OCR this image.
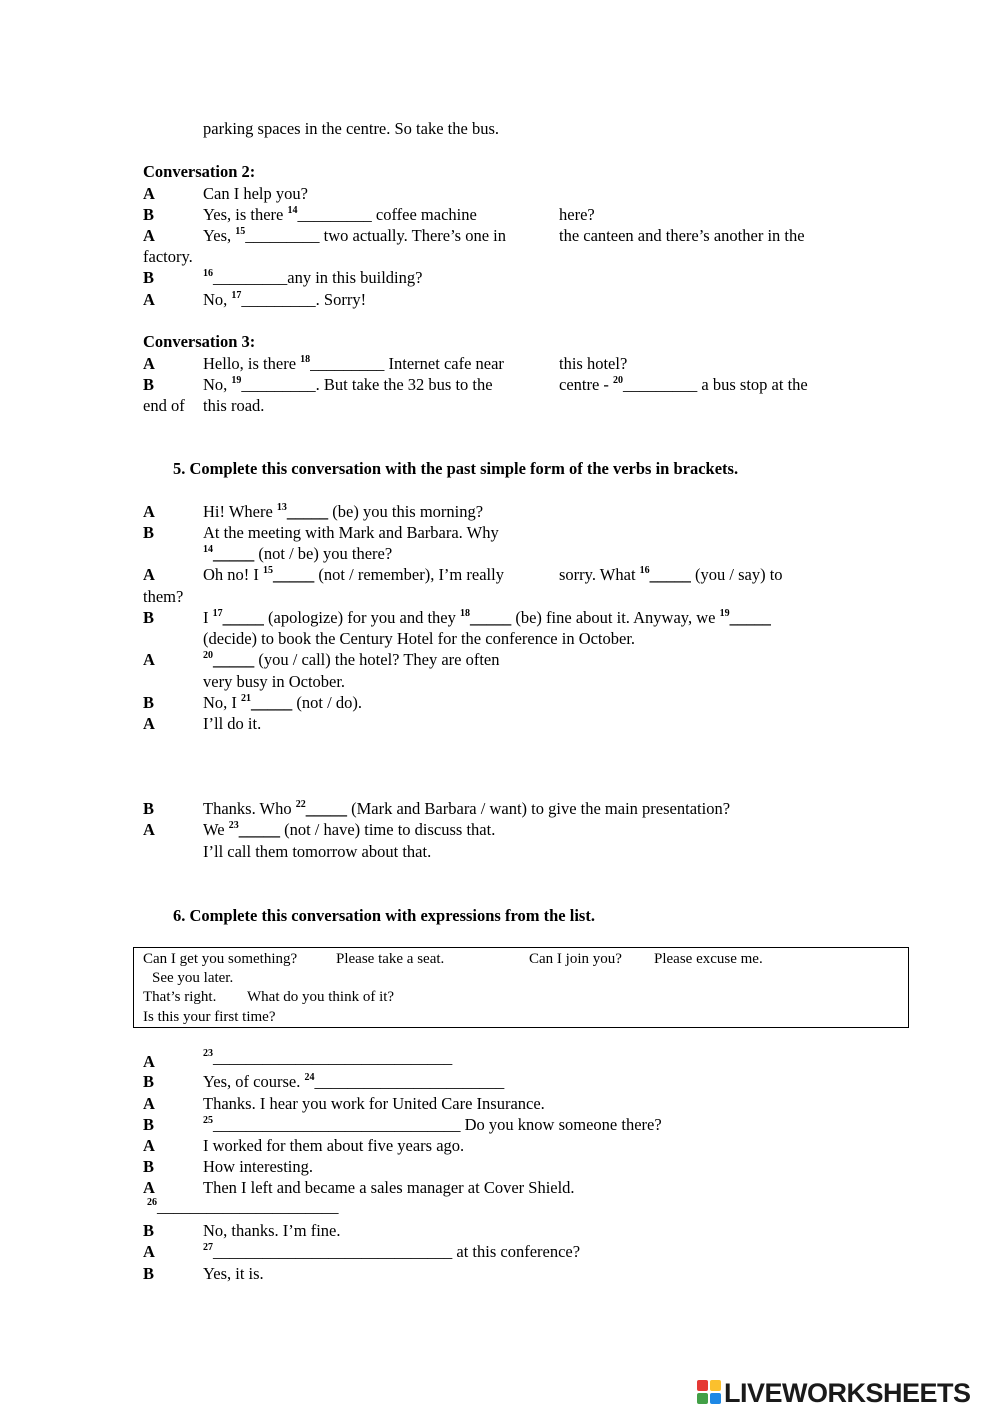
parking spaces in the centre. So take the bus.
Conversation 2:
A	Can I help you?
B	Yes, is there $^{14}$_________ coffee machine	here?
A	Yes, $^{15}$_________ two actually. There’s one in	the canteen and there’s another in the
factory.
B	$^{16}$_________any in this building?
A	No, $^{17}$_________. Sorry!
Conversation 3:
A	Hello, is there $^{18}$_________ Internet cafe near	this hotel?
B	No, $^{19}$_________. But take the 32 bus to the	centre - $^{20}$_________ a bus stop at the
end of this road.
5. Complete this conversation with the past simple form of the verbs in brackets.
A	Hi! Where $^{13}$_____ (be) you this morning?
B	At the meeting with Mark and Barbara. Why
$^{14}$_____ (not / be) you there?
A	Oh no! I $^{15}$_____ (not / remember), I’m really	sorry. What $^{16}$_____ (you / say) to
them?
B	I $^{17}$_____ (apologize) for you and they $^{18}$_____ (be) fine about it. Anyway, we $^{19}$_____
(decide) to book the Century Hotel for the conference in October.
A	$^{20}$_____ (you / call) the hotel? They are often
very busy in October.
B	No, I $^{21}$_____ (not / do).
A	I’ll do it.
B	Thanks. Who $^{22}$_____ (Mark and Barbara / want) to give the main presentation?
A	We $^{23}$_____ (not / have) time to discuss that.
I’ll call them tomorrow about that.
6. Complete this conversation with expressions from the list.
Can I get you something?	Please take a seat.	Can I join you? Please excuse me.
See you later.
That’s right. What do you think of it?
Is this your first time?
A	$^{23}$_____________________________
B	Yes, of course. $^{24}$_______________________
A	Thanks. I hear you work for United Care Insurance.
B	$^{25}$______________________________ Do you know someone there?
A	I worked for them about five years ago.
B	How interesting.
A	Then I left and became a sales manager at Cover Shield.
$^{26}$______________________
B	No, thanks. I’m fine.
A	$^{27}$_____________________________ at this conference?
B	Yes, it is.
LIVEWORKSHEETS
